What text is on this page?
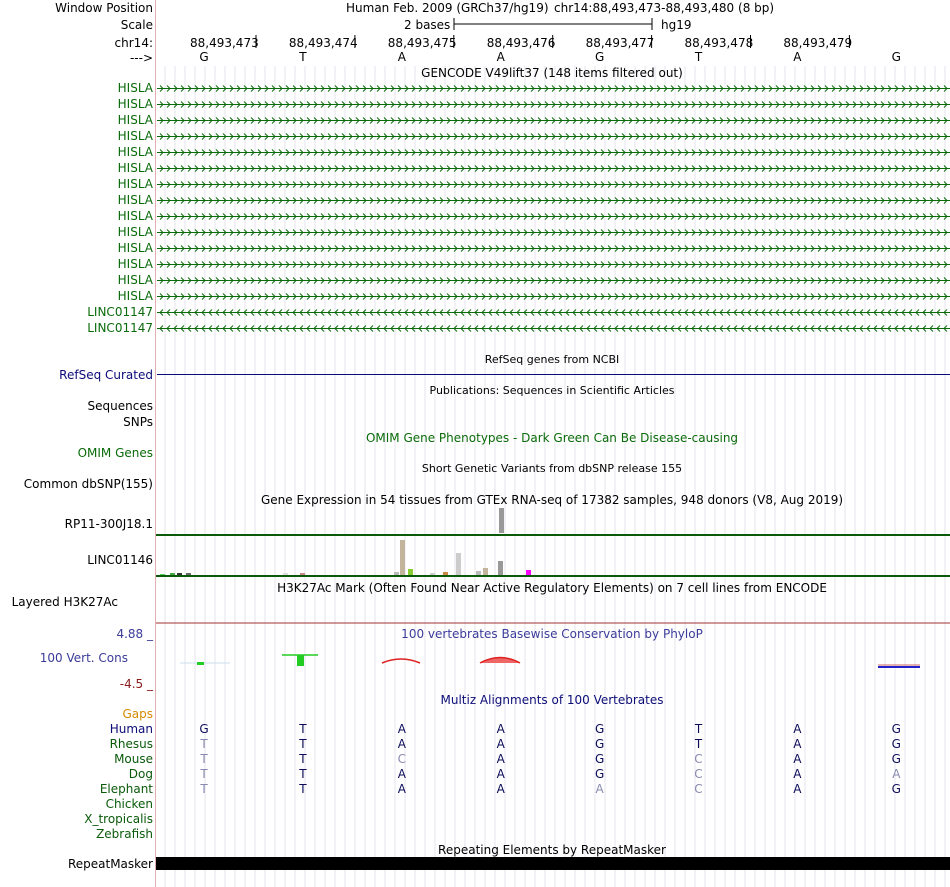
Window Position	Human Feb. 2009 (GRCh37/hg19) chr14:88,493,473-88,493,480 (8 bp)
Scale	2 bases	hg19
chr14:	88,493,473	88,493,474	88,493,475	88,493,476	88,493,477	88,493,478	88,493,479
--->	G	T	A	A	G	T	A	G
GENCODE V49lift37 (148 items filtered out)
HISLA
HISLA
HISLA
HISLA
HISLA
HISLA
HISLA
HISLA
HISLA
HISLA
HISLA
HISLA
HISLA
HISLA
LINC01147
LINC01147
RefSeq genes from NCBI
RefSeq Curated
Publications: Sequences in Scientific Articles
Sequences
SNPs
OMIM Gene Phenotypes - Dark Green Can Be Disease-causing
OMIM Genes
Short Genetic Variants from dbSNP release 155
Common dbSNP(155)
Gene Expression in 54 tissues from GTEx RNA-seq of 17382 samples, 948 donors (V8, Aug 2019)
RP11-300J18.1
LINC01146
H3K27Ac Mark (Often Found Near Active Regulatory Elements) on 7 cell lines from ENCODE
Layered H3K27Ac
100 vertebrates Basewise Conservation by PhyloP
4.88 _
100 Vert. Cons
-4.5 _
Multiz Alignments of 100 Vertebrates
Gaps
Human	G	T	A	A	G	T	A	G
Rhesus	T	T	A	A	G	T	A	G
Mouse	T	T	C	A	G	C	A	G
Dog	T	T	A	A	G	C	A	A
Elephant	T	T	A	A	A	C	A	G
Chicken
X_tropicalis
Zebrafish
Repeating Elements by RepeatMasker
RepeatMasker
